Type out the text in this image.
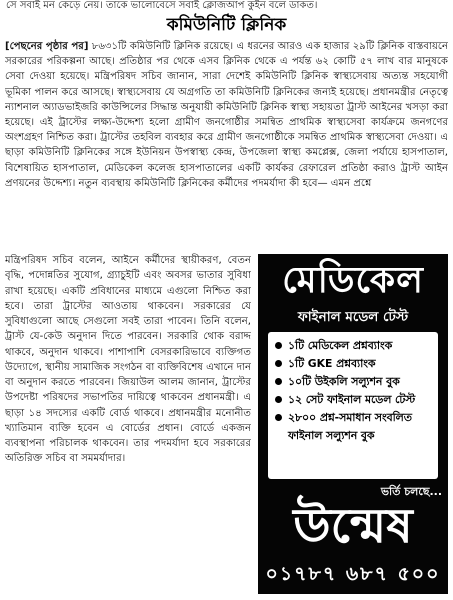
সে সবাই মন কেড়ে নেয়। তাকে ভালোবেসে সবাই ক্লোজআপ কুইন বলে ডাকত।
কমিউনিটি ক্লিনিক
[পেছনের পৃষ্ঠার পর] ৮৬৩১টি কমিউনিটি ক্লিনিক রয়েছে। এ ধরনের আরও এক হাজার ২৯টি ক্লিনিক বাস্তবায়নে সরকারের পরিকল্পনা আছে। প্রতিষ্ঠার পর থেকে এসব ক্লিনিক থেকে এ পর্যন্ত ৬২ কোটি ৫৭ লাখ বার মানুষকে সেবা দেওয়া হয়েছে। মন্ত্রিপরিষদ সচিব জানান, সারা দেশেই কমিউনিটি ক্লিনিক স্বাস্থ্যসেবায় অত্যন্ত সহযোগী ভূমিকা পালন করে আসছে। স্বাস্থ্যসেবায় যে অগ্রগতি তা কমিউনিটি ক্লিনিকের জন্যই হয়েছে। প্রধানমন্ত্রীর নেতৃত্বে ন্যাশনাল অ্যাডভাইজরি কাউন্সিলের সিদ্ধান্ত অনুযায়ী কমিউনিটি ক্লিনিক স্বাস্থ্য সহায়তা ট্রাস্ট আইনের খসড়া করা হয়েছে। এই ট্রাস্টের লক্ষ্য-উদ্দেশ্য হলো গ্রামীণ জনগোষ্ঠীর সমন্বিত প্রাথমিক স্বাস্থ্যসেবা কার্যক্রমে জনগণের অংশগ্রহণ নিশ্চিত করা। ট্রাস্টের তহবিল ব্যবহার করে গ্রামীণ জনগোষ্ঠীকে সমন্বিত প্রাথমিক স্বাস্থ্যসেবা দেওয়া। এ ছাড়া কমিউনিটি ক্লিনিকের সঙ্গে ইউনিয়ন উপস্বাস্থ্য কেন্দ্র, উপজেলা স্বাস্থ্য কমপ্লেক্স, জেলা পর্যায়ে হাসপাতাল, বিশেষায়িত হাসপাতাল, মেডিকেল কলেজ হাসপাতালের একটি কার্যকর রেফারেল প্রতিষ্ঠা করাও ট্রাস্ট আইন প্রণয়নের উদ্দেশ্য। নতুন ব্যবস্থায় কমিউনিটি ক্লিনিকের কর্মীদের পদমর্যাদা কী হবে— এমন প্রশ্নে
মন্ত্রিপরিষদ সচিব বলেন, আইনে কর্মীদের স্থায়ীকরণ, বেতন বৃদ্ধি, পদোন্নতির সুযোগ, গ্র্যাচুইটি এবং অবসর ভাতার সুবিধা রাখা হয়েছে। একটি প্রবিধানের মাধ্যমে এগুলো নিশ্চিত করা হবে। তারা ট্রাস্টের আওতায় থাকবেন। সরকারের যে সুবিধাগুলো আছে সেগুলো সবই তারা পাবেন। তিনি বলেন, ট্রাস্ট যে-কেউ অনুদান দিতে পারবেন। সরকারি থোক বরাদ্দ থাকবে, অনুদান থাকবে। পাশাপাশি বেসরকারিভাবে ব্যক্তিগত উদ্যোগে, স্থানীয় সামাজিক সংগঠন বা ব্যক্তিবিশেষ এখানে দান বা অনুদান করতে পারবেন। জিয়াউল আলম জানান, ট্রাস্টের উপদেষ্টা পরিষদের সভাপতির দায়িত্বে থাকবেন প্রধানমন্ত্রী। এ ছাড়া ১৪ সদস্যের একটি বোর্ড থাকবে। প্রধানমন্ত্রীর মনোনীত খ্যাতিমান ব্যক্তি হবেন এ বোর্ডের প্রধান। বোর্ডে একজন ব্যবস্থাপনা পরিচালক থাকবেন। তার পদমর্যাদা হবে সরকারের অতিরিক্ত সচিব বা সমমর্যাদার।
মেডিকেল
ফাইনাল মডেল টেস্ট
১টি মেডিকেল প্রশ্নব্যাংক
১টি GKE প্রশ্নব্যাংক
১০টি উইকলি সল্যুশন বুক
১২ সেট ফাইনাল মডেল টেস্ট
২৮০০ প্রশ্ন-সমাধান সংবলিত
ফাইনাল সল্যুশন বুক
ভর্তি চলছে...
উন্মেষ
০১৭৮৭ ৬৮৭ ৫০০
